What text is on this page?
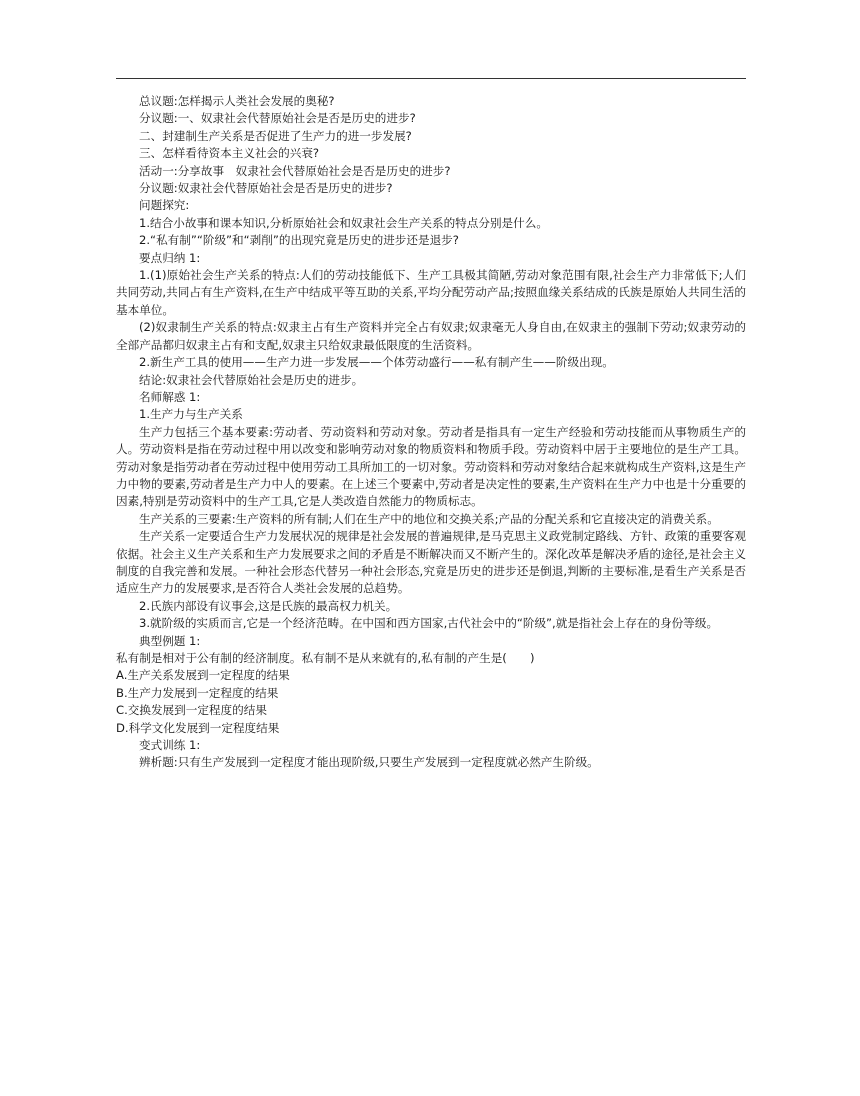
总议题:怎样揭示人类社会发展的奥秘?
分议题:一、奴隶社会代替原始社会是否是历史的进步?
二、封建制生产关系是否促进了生产力的进一步发展?
三、怎样看待资本主义社会的兴衰?
活动一:分享故事　奴隶社会代替原始社会是否是历史的进步?
分议题:奴隶社会代替原始社会是否是历史的进步?
问题探究:
1.结合小故事和课本知识,分析原始社会和奴隶社会生产关系的特点分别是什么。
2.“私有制”“阶级”和“剥削”的出现究竟是历史的进步还是退步?
要点归纳 1:
1.(1)原始社会生产关系的特点:人们的劳动技能低下、生产工具极其简陋,劳动对象范围有限,社会生产力非常低下;人们共同劳动,共同占有生产资料,在生产中结成平等互助的关系,平均分配劳动产品;按照血缘关系结成的氏族是原始人共同生活的基本单位。
(2)奴隶制生产关系的特点:奴隶主占有生产资料并完全占有奴隶;奴隶毫无人身自由,在奴隶主的强制下劳动;奴隶劳动的全部产品都归奴隶主占有和支配,奴隶主只给奴隶最低限度的生活资料。
2.新生产工具的使用——生产力进一步发展——个体劳动盛行——私有制产生——阶级出现。
结论:奴隶社会代替原始社会是历史的进步。
名师解惑 1:
1.生产力与生产关系
生产力包括三个基本要素:劳动者、劳动资料和劳动对象。劳动者是指具有一定生产经验和劳动技能而从事物质生产的人。劳动资料是指在劳动过程中用以改变和影响劳动对象的物质资料和物质手段。劳动资料中居于主要地位的是生产工具。劳动对象是指劳动者在劳动过程中使用劳动工具所加工的一切对象。劳动资料和劳动对象结合起来就构成生产资料,这是生产力中物的要素,劳动者是生产力中人的要素。在上述三个要素中,劳动者是决定性的要素,生产资料在生产力中也是十分重要的因素,特别是劳动资料中的生产工具,它是人类改造自然能力的物质标志。
生产关系的三要素:生产资料的所有制;人们在生产中的地位和交换关系;产品的分配关系和它直接决定的消费关系。
生产关系一定要适合生产力发展状况的规律是社会发展的普遍规律,是马克思主义政党制定路线、方针、政策的重要客观依据。社会主义生产关系和生产力发展要求之间的矛盾是不断解决而又不断产生的。深化改革是解决矛盾的途径,是社会主义制度的自我完善和发展。一种社会形态代替另一种社会形态,究竟是历史的进步还是倒退,判断的主要标准,是看生产关系是否适应生产力的发展要求,是否符合人类社会发展的总趋势。
2.氏族内部设有议事会,这是氏族的最高权力机关。
3.就阶级的实质而言,它是一个经济范畴。在中国和西方国家,古代社会中的“阶级”,就是指社会上存在的身份等级。
典型例题 1:
私有制是相对于公有制的经济制度。私有制不是从来就有的,私有制的产生是(　　)
A.生产关系发展到一定程度的结果
B.生产力发展到一定程度的结果
C.交换发展到一定程度的结果
D.科学文化发展到一定程度结果
变式训练 1:
辨析题:只有生产发展到一定程度才能出现阶级,只要生产发展到一定程度就必然产生阶级。
